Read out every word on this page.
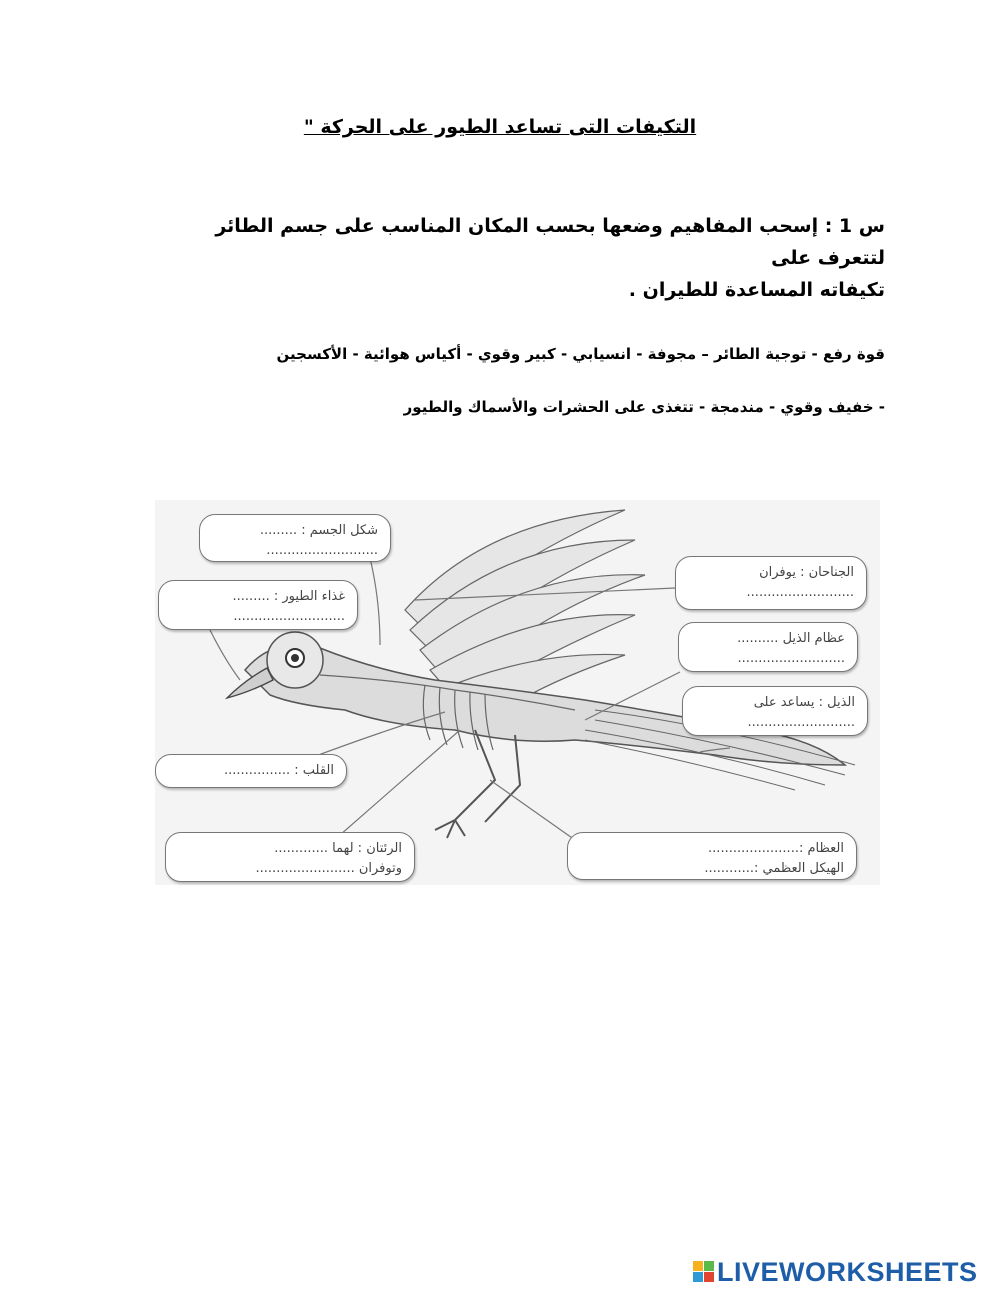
التكيفات التى تساعد الطيور على الحركة "
س 1 : إسحب المفاهيم وضعها بحسب المكان المناسب على جسم الطائر لتتعرف على
تكيفاته المساعدة للطيران .
قوة رفع - توجية الطائر – مجوفة - انسيابي - كبير وقوي - أكياس هوائية - الأكسجين
- خفيف وقوي - مندمجة - تتغذى على الحشرات والأسماك والطيور
شكل الجسم : .........
...........................
غذاء الطيور : .........
...........................
الجناحان : يوفران
..........................
عظام الذيل ..........
..........................
الذيل : يساعد على
..........................
القلب : ................
الرئتان : لهما .............
وتوفران ........................
العظام :......................
الهيكل العظمي :............
LIVEWORKSHEETS
